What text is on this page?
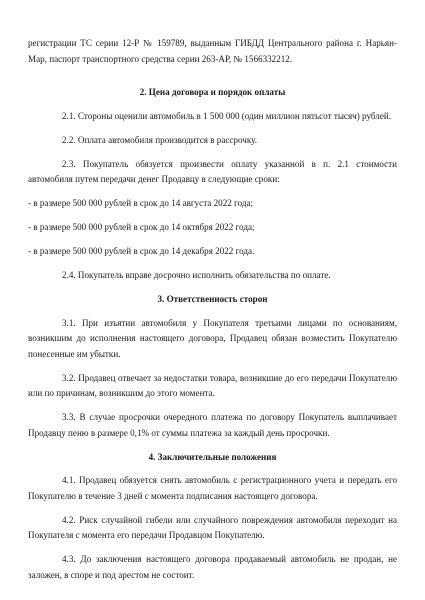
регистрации ТС серии 12-Р № 159789, выданным ГИБДД Центрального района г. Нарьян-Мар, паспорт транспортного средства серии 263-АР, № 1566332212.

2. Цена договора и порядок оплаты

2.1. Стороны оценили автомобиль в 1 500 000 (один миллион пятьсот тысяч) рублей.

2.2. Оплата автомобиля производится в рассрочку.

2.3. Покупатель обязуется произвести оплату указанной в п. 2.1 стоимости автомобиля путем передачи денег Продавцу в следующие сроки:

- в размере 500 000 рублей в срок до 14 августа 2022 года;

- в размере 500 000 рублей в срок до 14 октября 2022 года;

- в размере 500 000 рублей в срок до 14 декабря 2022 года.

2.4. Покупатель вправе досрочно исполнить обязательства по оплате.

3. Ответственность сторон

3.1. При изъятии автомобиля у Покупателя третьими лицами по основаниям, возникшим до исполнения настоящего договора, Продавец обязан возместить Покупателю понесенные им убытки.

3.2. Продавец отвечает за недостатки товара, возникшие до его передачи Покупателю или по причинам, возникшим до этого момента.

3.3. В случае просрочки очередного платежа по договору Покупатель выплачивает Продавцу пеню в размере 0,1% от суммы платежа за каждый день просрочки.

4. Заключительные положения

4.1. Продавец обязуется снять автомобиль с регистрационного учета и передать его Покупателю в течение 3 дней с момента подписания настоящего договора.

4.2. Риск случайной гибели или случайного повреждения автомобиля переходит на Покупателя с момента его передачи Продавцом Покупателю.

4.3. До заключения настоящего договора продаваемый автомобиль не продан, не заложен, в споре и под арестом не состоит.
